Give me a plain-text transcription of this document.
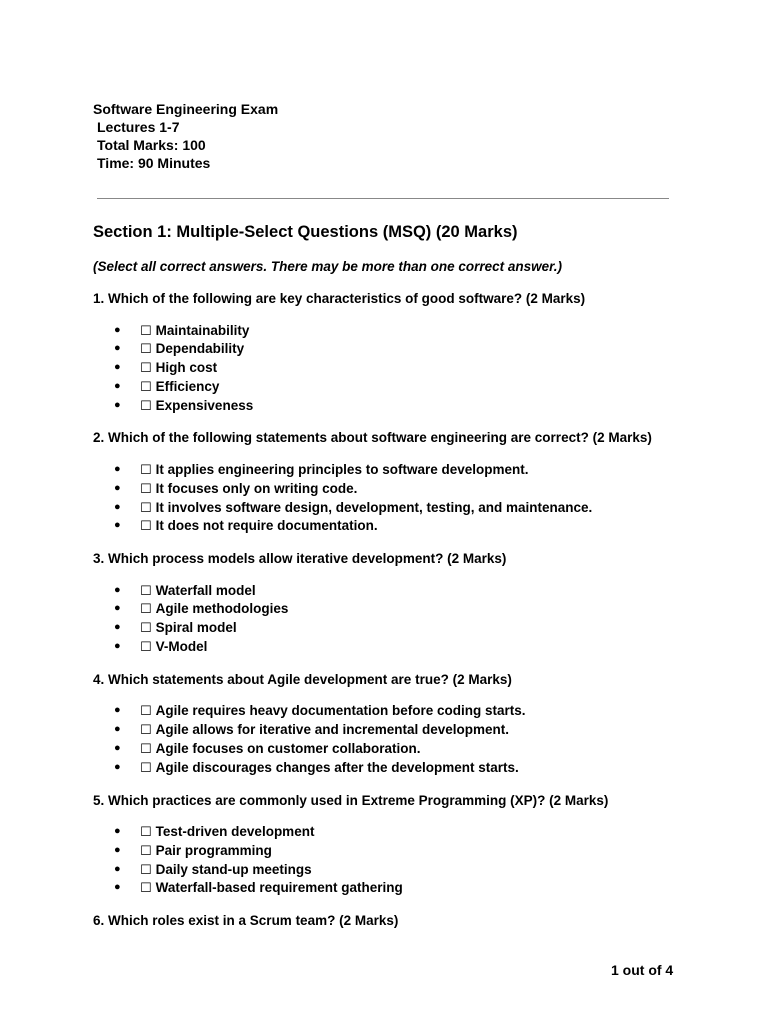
Software Engineering Exam
Lectures 1-7
Total Marks: 100
Time: 90 Minutes
Section 1: Multiple-Select Questions (MSQ) (20 Marks)
(Select all correct answers. There may be more than one correct answer.)
1. Which of the following are key characteristics of good software? (2 Marks)
● ☐ Maintainability
● ☐ Dependability
● ☐ High cost
● ☐ Efficiency
● ☐ Expensiveness
2. Which of the following statements about software engineering are correct? (2 Marks)
● ☐ It applies engineering principles to software development.
● ☐ It focuses only on writing code.
● ☐ It involves software design, development, testing, and maintenance.
● ☐ It does not require documentation.
3. Which process models allow iterative development? (2 Marks)
● ☐ Waterfall model
● ☐ Agile methodologies
● ☐ Spiral model
● ☐ V-Model
4. Which statements about Agile development are true? (2 Marks)
● ☐ Agile requires heavy documentation before coding starts.
● ☐ Agile allows for iterative and incremental development.
● ☐ Agile focuses on customer collaboration.
● ☐ Agile discourages changes after the development starts.
5. Which practices are commonly used in Extreme Programming (XP)? (2 Marks)
● ☐ Test-driven development
● ☐ Pair programming
● ☐ Daily stand-up meetings
● ☐ Waterfall-based requirement gathering
6. Which roles exist in a Scrum team? (2 Marks)
1 out of 4
